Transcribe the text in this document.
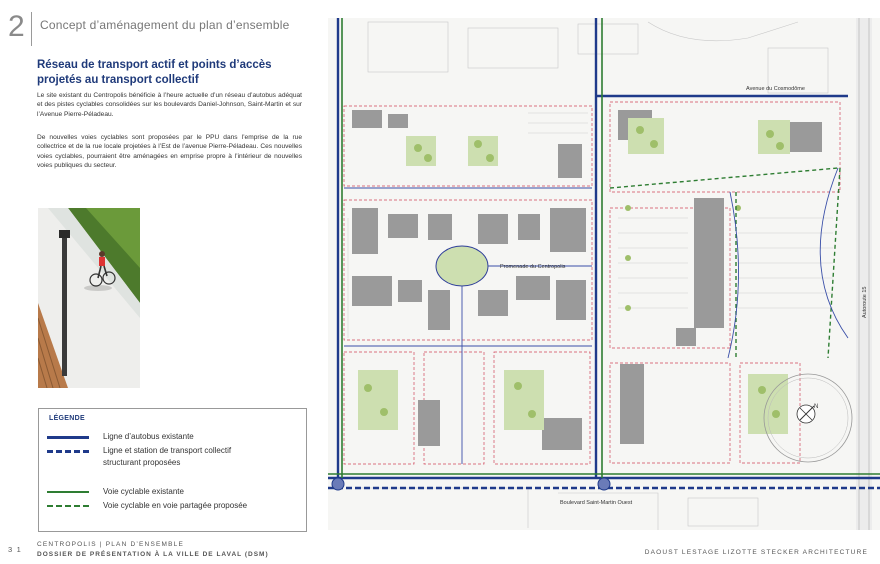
2 Concept d’aménagement du plan d’ensemble
Réseau de transport actif et points d’accès projetés au transport collectif
Le site existant du Centropolis bénéficie à l’heure actuelle d’un réseau d’autobus adéquat et des pistes cyclables consolidées sur les boulevards Daniel-Johnson, Saint-Martin et sur l’Avenue Pierre-Péladeau.
De nouvelles voies cyclables sont proposées par le PPU dans l’emprise de la rue collectrice et de la rue locale projetées à l’Est de l’avenue Pierre-Péladeau. Ces nouvelles voies cyclables, pourraient être aménagées en emprise propre à l’intérieur de nouvelles voies publiques du secteur.
LÉGENDE
Ligne d’autobus existante
Ligne et station de transport collectif
structurant proposées
Voie cyclable existante
Voie cyclable en voie partagée proposée
Avenue du Cosmodôme
Promenade du Centropolis
Boulevard Saint-Martin Ouest
Autoroute 15
N
3 1
CENTROPOLIS | PLAN D’ENSEMBLE
DOSSIER DE PRÉSENTATION À LA VILLE DE LAVAL (DSM)	DAOUST LESTAGE LIZOTTE STECKER ARCHITECTURE
